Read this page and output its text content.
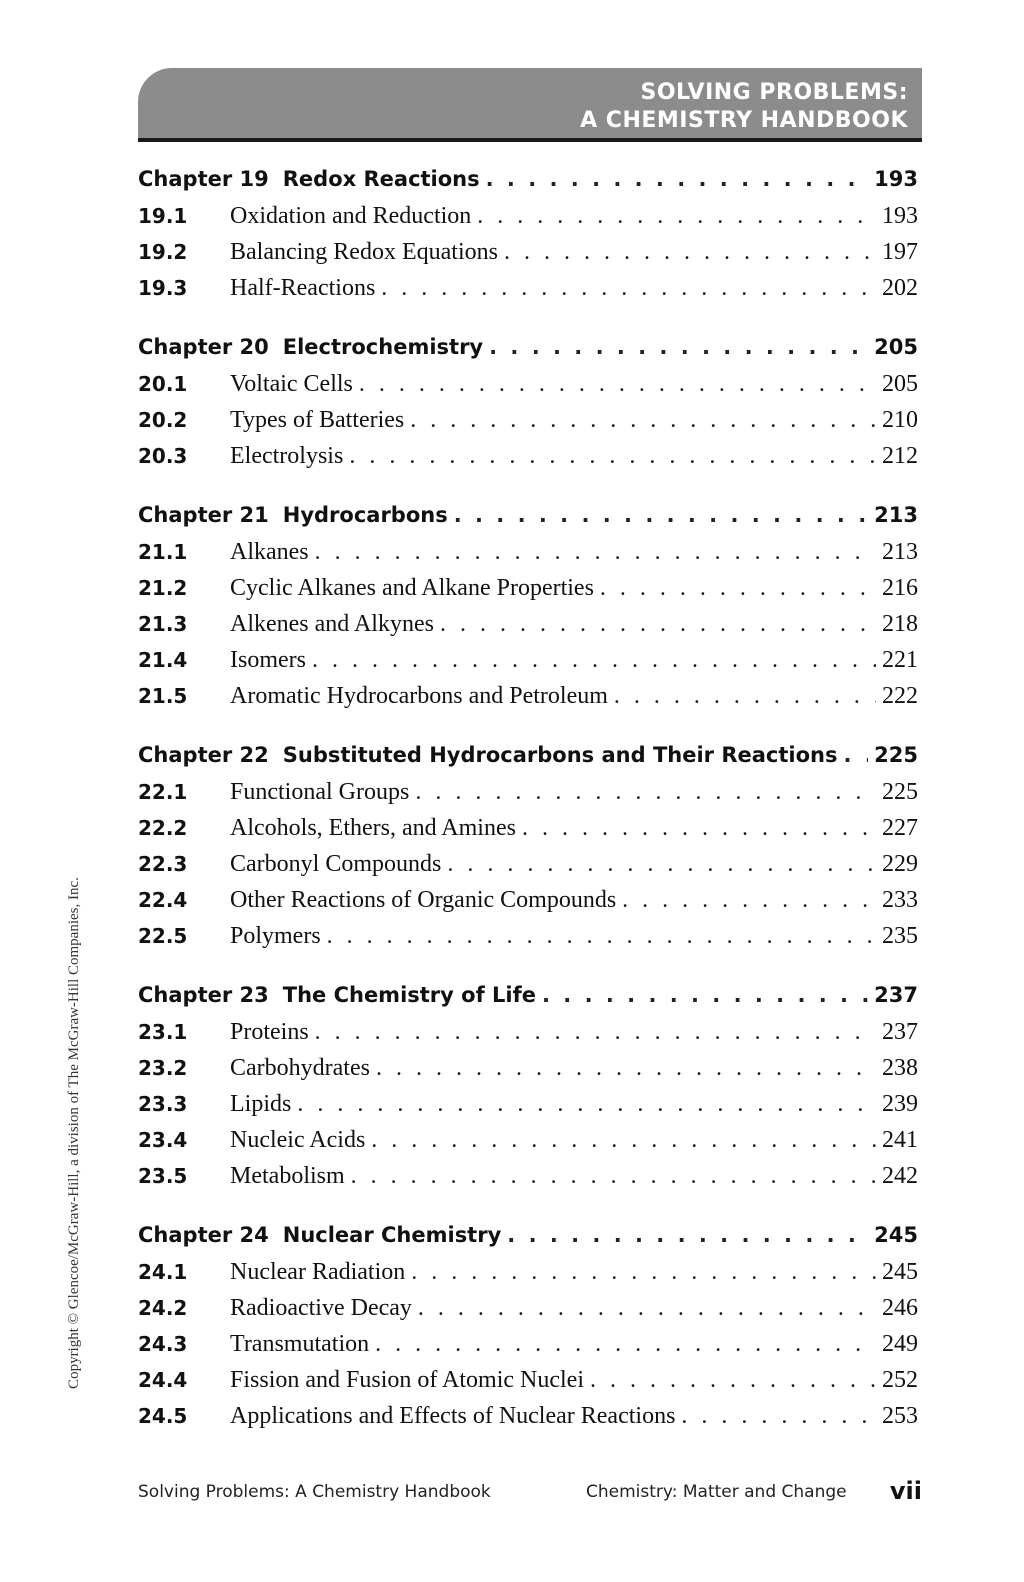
SOLVING PROBLEMS:
A CHEMISTRY HANDBOOK
Copyright © Glencoe/McGraw-Hill, a division of The McGraw-Hill Companies, Inc.
Chapter 19 Redox Reactions . . .	193
19.1	Oxidation and Reduction . . .	193
19.2	Balancing Redox Equations . . .	197
19.3	Half-Reactions . . .	202
Chapter 20 Electrochemistry . . .	205
20.1	Voltaic Cells . . .	205
20.2	Types of Batteries . . .	210
20.3	Electrolysis . . .	212
Chapter 21 Hydrocarbons . . .	213
21.1	Alkanes . . .	213
21.2	Cyclic Alkanes and Alkane Properties . . .	216
21.3	Alkenes and Alkynes . . .	218
21.4	Isomers . . .	221
21.5	Aromatic Hydrocarbons and Petroleum . . .	222
Chapter 22 Substituted Hydrocarbons and Their Reactions . . . 225
22.1	Functional Groups . . .	225
22.2	Alcohols, Ethers, and Amines . . .	227
22.3	Carbonyl Compounds . . .	229
22.4	Other Reactions of Organic Compounds . . .	233
22.5	Polymers . . .	235
Chapter 23 The Chemistry of Life . . .	237
23.1	Proteins . . .	237
23.2	Carbohydrates . . .	238
23.3	Lipids . . .	239
23.4	Nucleic Acids . . .	241
23.5	Metabolism . . .	242
Chapter 24 Nuclear Chemistry . . .	245
24.1	Nuclear Radiation . . .	245
24.2	Radioactive Decay . . .	246
24.3	Transmutation . . .	249
24.4	Fission and Fusion of Atomic Nuclei . . .	252
24.5	Applications and Effects of Nuclear Reactions . . .	253
Solving Problems: A Chemistry Handbook	Chemistry: Matter and Change vii
